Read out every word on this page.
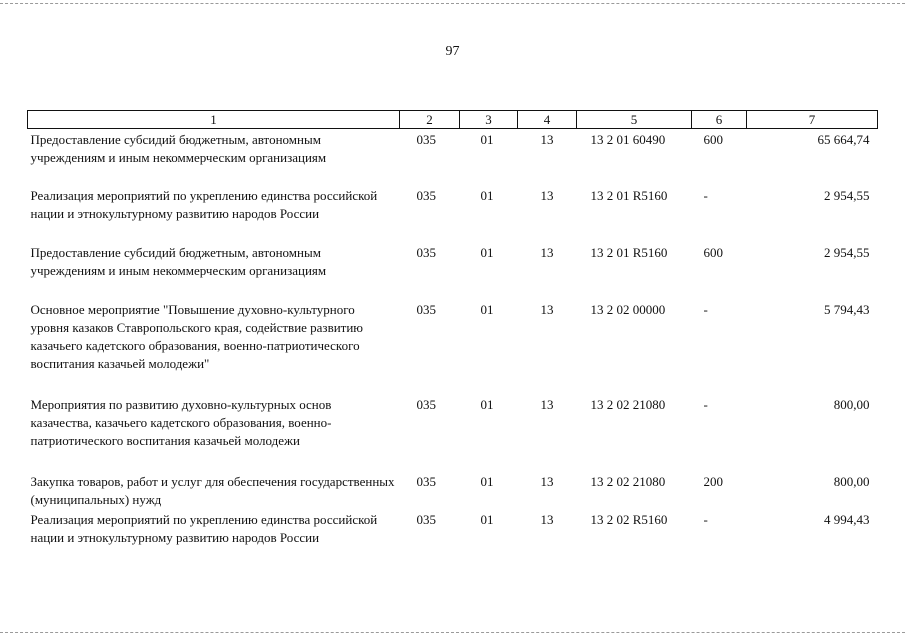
97
1	2	3	4	5	6	7
Предоставление субсидий бюджетным, автономным учреждениям и иным некоммерческим организациям	035	01	13	13 2 01 60490	600	65 664,74
Реализация мероприятий по укреплению единства российской нации и этнокультурному развитию народов России	035	01	13	13 2 01 R5160	-	2 954,55
Предоставление субсидий бюджетным, автономным учреждениям и иным некоммерческим организациям	035	01	13	13 2 01 R5160	600	2 954,55
Основное мероприятие "Повышение духовно-культурного уровня казаков Ставропольского края, содействие развитию казачьего кадетского образования, военно-патриотического воспитания казачьей молодежи"	035	01	13	13 2 02 00000	-	5 794,43
Мероприятия по развитию духовно-культурных основ казачества, казачьего кадетского образования, военно-патриотического воспитания казачьей молодежи	035	01	13	13 2 02 21080	-	800,00
Закупка товаров, работ и услуг для обеспечения государственных (муниципальных) нужд	035	01	13	13 2 02 21080	200	800,00
Реализация мероприятий по укреплению единства российской нации и этнокультурному развитию народов России	035	01	13	13 2 02 R5160	-	4 994,43
